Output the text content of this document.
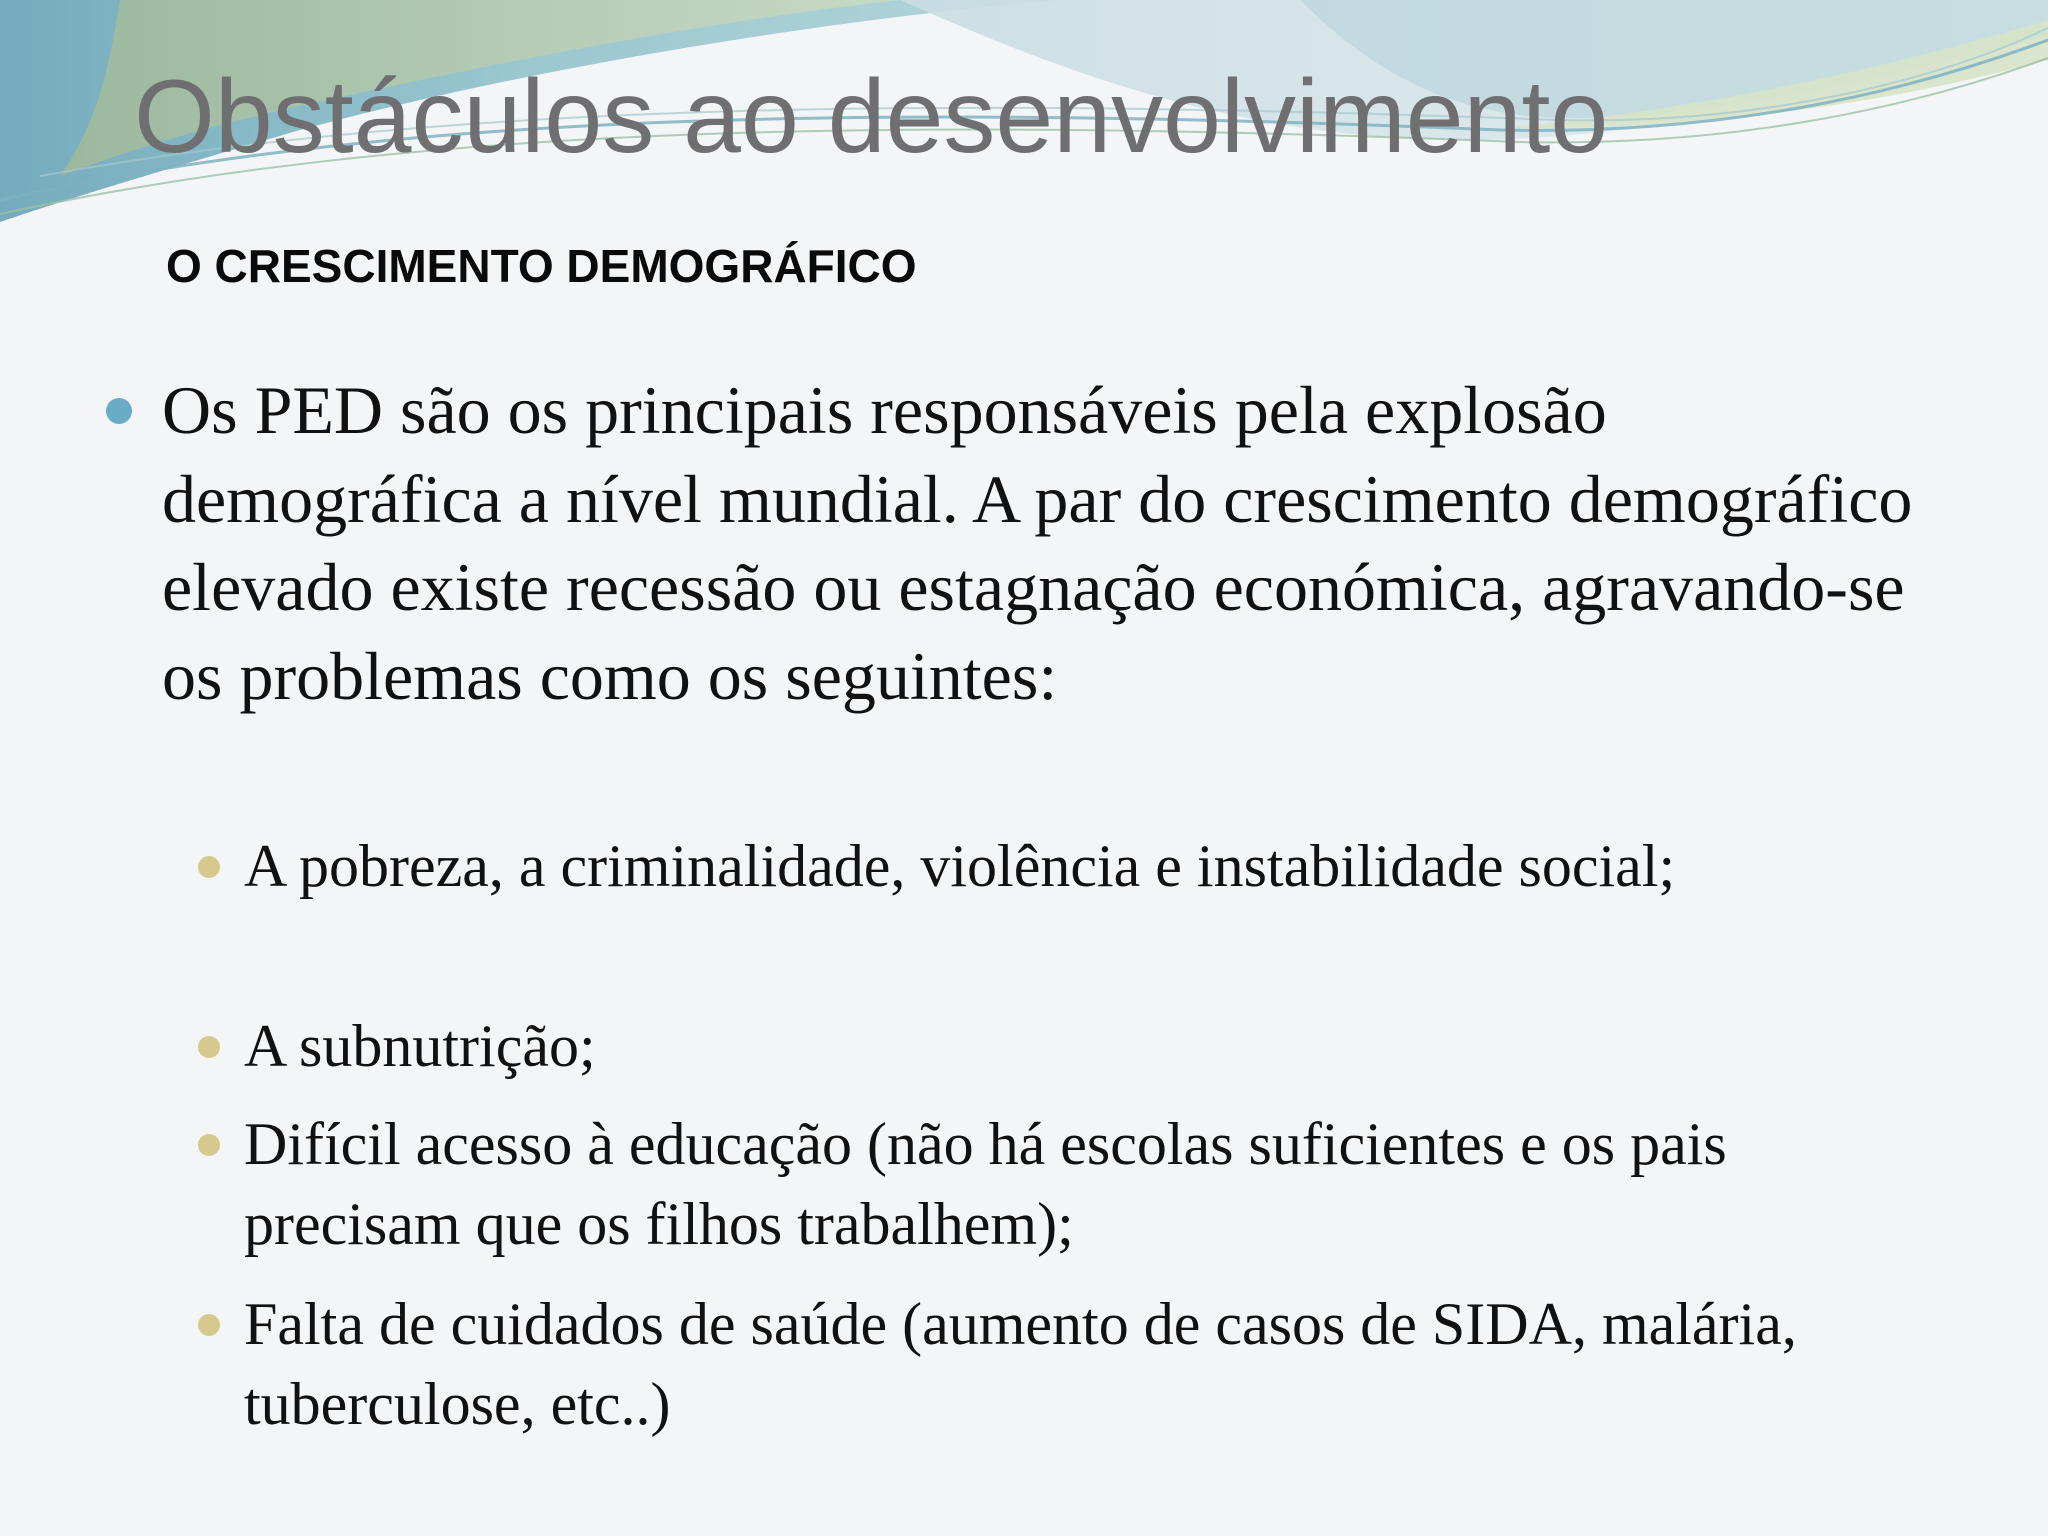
Obstáculos ao desenvolvimento
O CRESCIMENTO DEMOGRÁFICO
Os PED são os principais responsáveis pela explosão demográfica a nível mundial. A par do crescimento demográfico elevado existe recessão ou estagnação económica, agravando-se os problemas como os seguintes:
A pobreza, a criminalidade, violência e instabilidade social;
A subnutrição;
Difícil acesso à educação (não há escolas suficientes e os pais precisam que os filhos trabalhem);
Falta de cuidados de saúde (aumento de casos de SIDA, malária, tuberculose, etc..)
